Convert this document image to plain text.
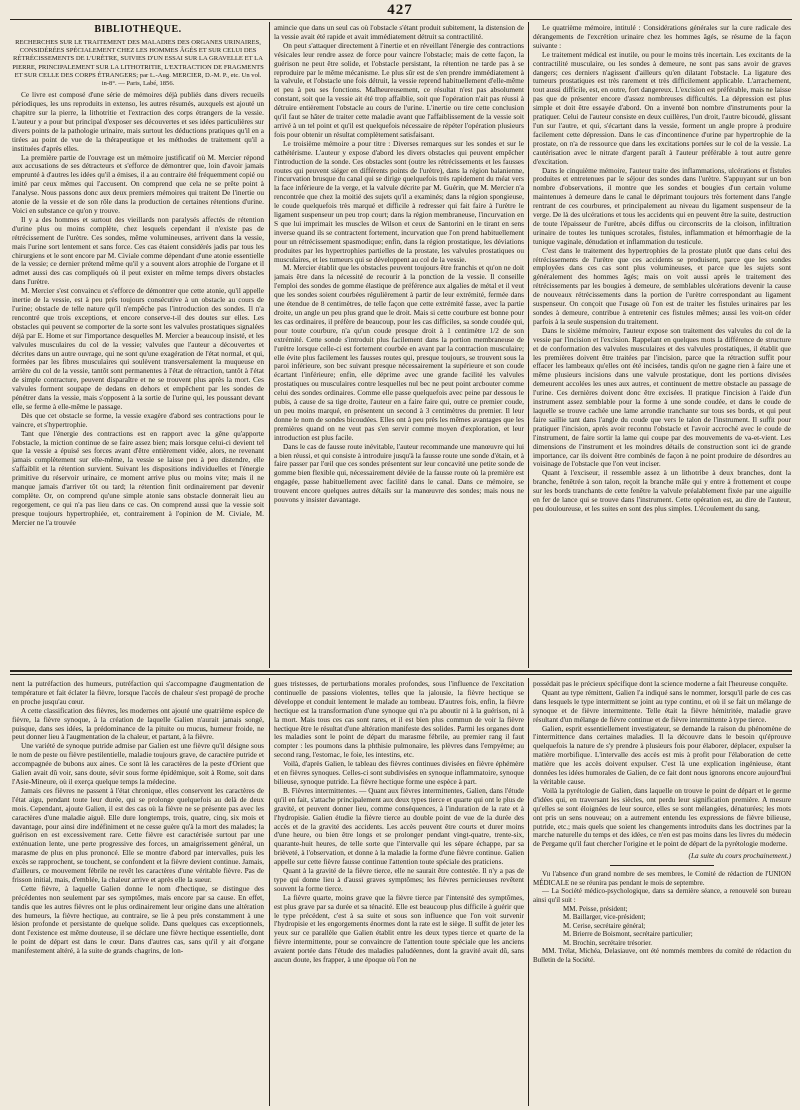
427

BIBLIOTHÈQUE.

RECHERCHES SUR LE TRAITEMENT DES MALADIES DES ORGANES URINAIRES, CONSIDÉRÉES SPÉCIALEMENT CHEZ LES HOMMES ÂGÉS ET SUR CELUI DES RÉTRÉCISSEMENTS DE L'URÈTRE, SUIVIES D'UN ESSAI SUR LA GRAVELLE ET LA PIERRE, PRINCIPALEMENT SUR LA LITHOTRITIE, L'EXTRACTION DE FRAGMENTS ET SUR CELLE DES CORPS ÉTRANGERS; par L.-Aug. MERCIER, D.-M. P., etc. Un vol. in-8°. — Paris, Labé, 1856.

Ce livre est composé d'une série de mémoires déjà publiés dans divers recueils périodiques, les uns reproduits in extenso, les autres résumés, auxquels est ajouté un chapitre sur la pierre, la lithotritie et l'extraction des corps étrangers de la vessie. L'auteur y a pour but principal d'exposer ses découvertes et ses idées particulières sur divers points de la pathologie urinaire, mais surtout les déductions pratiques qu'il en a tirées au point de vue de la thérapeutique et les méthodes de traitement qu'il a instituées d'après elles.

La première partie de l'ouvrage est un mémoire justificatif où M. Mercier répond aux accusations de ses détracteurs et s'efforce de démontrer que, loin d'avoir jamais emprunté à d'autres les idées qu'il a émises, il a au contraire été fréquemment copié ou imité par ceux mêmes qui l'accusent. On comprend que cela ne se prête point à l'analyse. Nous passons donc aux deux premiers mémoires qui traitent De l'inertie ou atonie de la vessie et de son rôle dans la production de certaines rétentions d'urine. Voici en substance ce qu'on y trouve.

Il y a des hommes et surtout des vieillards non paralysés affectés de rétention d'urine plus ou moins complète, chez lesquels cependant il n'existe pas de rétrécissement de l'urètre. Ces sondes, même volumineuses, arrivent dans la vessie, mais l'urine sort lentement et sans force. Ces cas étaient considérés jadis par tous les chirurgiens et le sont encore par M. Civiale comme dépendant d'une atonie essentielle de la vessie; ce dernier prétend même qu'il y a souvent alors atrophie de l'organe et il admet aussi des cas compliqués où il peut exister en même temps divers obstacles dans l'urètre.

M. Mercier s'est convaincu et s'efforce de démontrer que cette atonie, qu'il appelle inertie de la vessie, est à peu près toujours consécutive à un obstacle au cours de l'urine; obstacle de telle nature qu'il n'empêche pas l'introduction des sondes. Il n'a rencontré que trois exceptions, et encore conserve-t-il des doutes sur elles. Les obstacles qui peuvent se comporter de la sorte sont les valvules prostatiques signalées déjà par E. Home et sur l'importance desquelles M. Mercier a beaucoup insisté, et les valvules musculaires du col de la vessie; valvules que l'auteur a découvertes et décrites dans un autre ouvrage, qui ne sont qu'une exagération de l'état normal, et qui, formées par les fibres musculaires qui soulèvent transversalement la muqueuse en arrière du col de la vessie, tantôt sont permanentes à l'état de rétraction, tantôt à l'état de simple contracture, peuvent disparaître et ne se trouvent plus après la mort. Ces valvules forment soupape de dedans en dehors et empêchent par les sondes de pénétrer dans la vessie, mais s'opposent à la sortie de l'urine qui, les poussant devant elle, se ferme à elle-même le passage.

Dès que cet obstacle se forme, la vessie exagère d'abord ses contractions pour le vaincre, et s'hypertrophie.

Tant que l'énergie des contractions est en rapport avec la gêne qu'apporte l'obstacle, la miction continue de se faire assez bien; mais lorsque celui-ci devient tel que la vessie a épuisé ses forces avant d'être entièrement vidée, alors, ne revenant jamais complètement sur elle-même, la vessie se laisse peu à peu distendre, elle s'affaiblit et la rétention survient. Suivant les dispositions individuelles et l'énergie primitive du réservoir urinaire, ce moment arrive plus ou moins vite; mais il ne manque jamais d'arriver tôt ou tard; la rétention finit ordinairement par devenir complète. Or, on comprend qu'une simple atonie sans obstacle donnerait lieu au regorgement, ce qui n'a pas lieu dans ce cas. On comprend aussi que la vessie soit presque toujours hypertrophiée, et, contrairement à l'opinion de M. Civiale, M. Mercier ne l'a trouvée

amincie que dans un seul cas où l'obstacle s'étant produit subitement, la distension de la vessie avait été rapide et avait immédiatement détruit sa contractilité.

On peut s'attaquer directement à l'inertie et en réveillant l'énergie des contractions vésicales leur rendre assez de force pour vaincre l'obstacle; mais de cette façon, la guérison ne peut être solide, et l'obstacle persistant, la rétention ne tarde pas à se reproduire par le même mécanisme. Le plus sûr est de s'en prendre immédiatement à la valvule, et l'obstacle une fois détruit, la vessie reprend habituellement d'elle-même et peu à peu ses fonctions. Malheureusement, ce résultat n'est pas absolument constant, soit que la vessie ait été trop affaiblie, soit que l'opération n'ait pas réussi à détruire entièrement l'obstacle au cours de l'urine. L'inertie ou tire cette conclusion qu'il faut se hâter de traiter cette maladie avant que l'affaiblissement de la vessie soit arrivé à un tel point et qu'il est quelquefois nécessaire de répéter l'opération plusieurs fois pour obtenir un résultat complètement satisfaisant.

Le troisième mémoire a pour titre : Diverses remarques sur les sondes et sur le cathétérisme. L'auteur y expose d'abord les divers obstacles qui peuvent empêcher l'introduction de la sonde. Ces obstacles sont (outre les rétrécissements et les fausses routes qui peuvent siéger en différents points de l'urètre), dans la région balanienne, l'incurvation brusque du canal qui se dirige quelquefois très rapidement du méat vers la face inférieure de la verge, et la valvule décrite par M. Guérin, que M. Mercier n'a rencontrée que chez la moitié des sujets qu'il a examinés; dans la région spongieuse, le coude quelquefois très marqué et difficile à redresser qui fait faire à l'urètre le ligament suspenseur un peu trop court; dans la région membraneuse, l'incurvation en S que lui imprimait les muscles de Wilson et ceux de Santorini en le tirant en sens inverse quand ils se contractent fortement, incurvation que l'on prend habituellement pour un rétrécissement spasmodique; enfin, dans la région prostatique, les déviations produites par les hypertrophies partielles de la prostate, les valvules prostatiques ou musculaires, et les tumeurs qui se développent au col de la vessie.

M. Mercier établit que les obstacles peuvent toujours être franchis et qu'on ne doit jamais être dans la nécessité de recourir à la ponction de la vessie. Il conseille l'emploi des sondes de gomme élastique de préférence aux algalies de métal et il veut que les sondes soient courbées régulièrement à partir de leur extrémité, fermée dans une étendue de 8 centimètres, de telle façon que cette extrémité fasse, avec la partie droite, un angle un peu plus grand que le droit. Mais si cette courbure est bonne pour les cas ordinaires, il préfère de beaucoup, pour les cas difficiles, sa sonde coudée qui, pour toute courbure, n'a qu'un coude presque droit à 1 centimètre 1/2 de son extrémité. Cette sonde s'introduit plus facilement dans la portion membraneuse de l'urètre lorsque celle-ci est fortement courbée en avant par la contraction musculaire; elle évite plus facilement les fausses routes qui, presque toujours, se trouvent sous la paroi inférieure, son bec suivant presque nécessairement la supérieure et son coude écartant l'inférieure; enfin, elle déprime avec une grande facilité les valvules prostatiques ou musculaires contre lesquelles nul bec ne peut point arcbouter comme celui des sondes ordinaires. Comme elle passe quelquefois avec peine par dessous le pubis, à cause de sa tige droite, l'auteur en a faire faire qui, outre ce premier coude, un peu moins marqué, en présentent un second à 3 centimètres du premier. Il leur donne le nom de sondes bicoudées. Elles ont à peu près les mêmes avantages que les premières quand on ne veut pas s'en servir comme moyen d'exploration, et leur introduction est plus facile.

Dans le cas de fausse route inévitable, l'auteur recommande une manœuvre qui lui a bien réussi, et qui consiste à introduire jusqu'à la fausse route une sonde d'étain, et à faire passer par l'œil que ces sondes présentent sur leur concavité une petite sonde de gomme bien flexible qui, nécessairement déviée de la fausse route où la première est engagée, passe habituellement avec facilité dans le canal. Dans ce mémoire, se trouvent encore quelques autres détails sur la manœuvre des sondes; mais nous ne pouvons y insister davantage.

Le quatrième mémoire, intitulé : Considérations générales sur la cure radicale des dérangements de l'excrétion urinaire chez les hommes âgés, se résume de la façon suivante :

Le traitement médical est inutile, ou pour le moins très incertain. Les excitants de la contractilité musculaire, ou les sondes à demeure, ne sont pas sans avoir de graves dangers; ces derniers n'agissent d'ailleurs qu'en dilatant l'obstacle. La ligature des tumeurs prostatiques est très rarement et très difficilement applicable. L'arrachement, tout aussi difficile, est, en outre, fort dangereux. L'excision est préférable, mais ne laisse pas que de présenter encore d'assez nombreuses difficultés. La dépression est plus simple et doit être essayée d'abord. On a inventé bon nombre d'instruments pour la pratiquer. Celui de l'auteur consiste en deux cuillères, l'un droit, l'autre bicoudé, glissant l'un sur l'autre, et qui, s'écartant dans la vessie, forment un angle propre à produire facilement cette dépression. Dans le cas d'incontinence d'urine par hypertrophie de la prostate, on n'a de ressource que dans les excitations portées sur le col de la vessie. La cautérisation avec le nitrate d'argent paraît à l'auteur préférable à tout autre genre d'excitation.

Dans le cinquième mémoire, l'auteur traite des inflammations, ulcérations et fistules produites et entretenues par le séjour des sondes dans l'urètre. S'appuyant sur un bon nombre d'observations, il montre que les sondes et bougies d'un certain volume maintenues à demeure dans le canal le déprimant toujours très fortement dans l'angle rentrant de ces courbures, et principalement au niveau du ligament suspenseur de la verge. De là des ulcérations et tous les accidents qui en peuvent être la suite, destruction de toute l'épaisseur de l'urètre, abcès diffus ou circonscrits de la cloison, infiltration urinaire de toutes les tuniques scrotales, fistules, inflammation et hémorrhagie de la tunique vaginale, dénudation et inflammation du testicule.

C'est dans le traitement des hypertrophies de la prostate plutôt que dans celui des rétrécissements de l'urètre que ces accidents se produisent, parce que les sondes employées dans ces cas sont plus volumineuses, et parce que les sujets sont généralement des hommes âgés; mais on voit aussi après le traitement des rétrécissements par les bougies à demeure, de semblables ulcérations devenir la cause de nouveaux rétrécissements dans la portion de l'urètre correspondant au ligament suspenseur. On conçoit que l'usage où l'on est de traiter les fistules urinaires par les sondes à demeure, contribue à entretenir ces fistules mêmes; aussi les voit-on céder parfois à la seule suspension du traitement.

Dans le sixième mémoire, l'auteur expose son traitement des valvules du col de la vessie par l'incision et l'excision. Rappelant en quelques mots la différence de structure et de conformation des valvules musculaires et des valvules prostatiques, il établit que les premières doivent être traitées par l'incision, parce que la rétraction suffit pour effacer les lambeaux qu'elles ont été incisées, tandis qu'on ne gagne rien à faire une et même plusieurs incisions dans une valvule prostatique, dont les portions divisées demeurent accolées les unes aux autres, et continuent de mettre obstacle au passage de l'urine. Ces dernières doivent donc être excisées. Il pratique l'incision à l'aide d'un instrument assez semblable pour la forme à une sonde coudée, et dans le coude de laquelle se trouve cachée une lame arrondie tranchante sur tous ses bords, et qui peut faire saillie tant dans l'angle du coude que vers le talon de l'instrument. Il suffit pour pratiquer l'incision, après avoir reconnu l'obstacle et l'avoir accroché avec le coude de l'instrument, de faire sortir la lame qui coupe par des mouvements de va-et-vient. Les dimensions de l'instrument et les moindres détails de construction sont ici de grande importance, car ils doivent être combinés de façon à ne point produire de désordres au voisinage de l'obstacle que l'on veut inciser.

Quant à l'exciseur, il ressemble assez à un lithotribe à deux branches, dont la branche, fenêtrée à son talon, reçoit la branche mâle qui y entre à frottement et coupe sur les bords tranchants de cette fenêtre la valvule préalablement fixée par une aiguille en fer de lance qui se trouve dans l'instrument. Cette opération est, au dire de l'auteur, peu douloureuse, et les suites en sont des plus simples. L'écoulement du sang,

nent la putréfaction des humeurs, putréfaction qui s'accompagne d'augmentation de température et fait éclater la fièvre, lorsque l'accès de chaleur s'est propagé de proche en proche jusqu'au cœur.

A cette classification des fièvres, les modernes ont ajouté une quatrième espèce de fièvre, la fièvre synoque, à la création de laquelle Galien n'aurait jamais songé, puisque, dans ses idées, la prédominance de la pituite ou mucus, humeur froide, ne peut donner lieu à l'augmentation de la chaleur, et partant, à la fièvre.

Une variété de synoque putride admise par Galien est une fièvre qu'il désigne sous le nom de peste ou fièvre pestilentielle, maladie toujours grave, de caractère putride et accompagnée de bubons aux aines. Ce sont là les caractères de la peste d'Orient que Galien avait dû voir, sans doute, sévir sous forme épidémique, soit à Rome, soit dans l'Asie-Mineure, où il exerça quelque temps la médecine.

Jamais ces fièvres ne passent à l'état chronique, elles conservent les caractères de l'état aigu, pendant toute leur durée, qui se prolonge quelquefois au delà de deux mois. Cependant, ajoute Galien, il est des cas où la fièvre ne se présente pas avec les caractères d'une maladie aiguë. Elle dure longtemps, trois, quatre, cinq, six mois et davantage, pour ainsi dire indéfiniment et ne cesse guère qu'à la mort des malades; la guérison en est excessivement rare. Cette fièvre est caractérisée surtout par une exténuation lente, une perte progressive des forces, un amaigrissement général, un marasme de plus en plus prononcé. Elle se montre d'abord par intervalles, puis les excès se rapprochent, se touchent, se confondent et la fièvre devient continue. Jamais, d'ailleurs, ce mouvement fébrile ne revêt les caractères d'une véritable fièvre. Pas de frisson initial, mais, d'emblée, la chaleur arrive et après elle la sueur.

Cette fièvre, à laquelle Galien donne le nom d'hectique, se distingue des précédentes non seulement par ses symptômes, mais encore par sa cause. En effet, tandis que les autres fièvres ont le plus ordinairement leur origine dans une altération des humeurs, la fièvre hectique, au contraire, se lie à peu près constamment à une lésion profonde et persistante de quelque solide. Dans quelques cas exceptionnels, dont l'existence est même douteuse, il se déclare une fièvre hectique essentielle, dont le point de départ est dans le cœur. Dans d'autres cas, sans qu'il y ait d'organe manifestement altéré, à la suite de grands chagrins, de lon-

gues tristesses, de perturbations morales profondes, sous l'influence de l'excitation continuelle de passions violentes, telles que la jalousie, la fièvre hectique se développe et conduit lentement le malade au tombeau. D'autres fois, enfin, la fièvre hectique est la transformation d'une synoque qui n'a pu aboutir ni à la guérison, ni à la mort. Mais tous ces cas sont rares, et il est bien plus commun de voir la fièvre hectique être le résultat d'une altération manifeste des solides. Parmi les organes dont les maladies sont le point de départ du marasme fébrile, au premier rang il faut compter : les poumons dans la phthisie pulmonaire, les plèvres dans l'empyème; au second rang, l'estomac, le foie, les intestins, etc.

Voilà, d'après Galien, le tableau des fièvres continues divisées en fièvre éphémère et en fièvres synoques. Celles-ci sont subdivisées en synoque inflammatoire, synoque bilieuse, synoque putride. La fièvre hectique forme une espèce à part.

B. Fièvres intermittentes. — Quant aux fièvres intermittentes, Galien, dans l'étude qu'il en fait, s'attache principalement aux deux types tierce et quarte qui ont le plus de gravité, et peuvent donner lieu, comme conséquences, à l'induration de la rate et à l'hydropisie. Galien étudie la fièvre tierce au double point de vue de la durée des accès et de la gravité des accidents. Les accès peuvent être courts et durer moins d'une heure, ou bien être longs et se prolonger pendant vingt-quatre, trente-six, quarante-huit heures, de telle sorte que l'intervalle qui les sépare échappe, par sa brièveté, à l'observation, et donne à la maladie la forme d'une fièvre continue. Galien appelle sur cette fièvre fausse continue l'attention toute spéciale des praticiens.

Quant à la gravité de la fièvre tierce, elle ne saurait être contestée. Il n'y a pas de type qui donne lieu à d'aussi graves symptômes; les fièvres pernicieuses revêtent souvent la forme tierce.

La fièvre quarte, moins grave que la fièvre tierce par l'intensité des symptômes, est plus grave par sa durée et sa ténacité. Elle est beaucoup plus difficile à guérir que le type précédent, c'est à sa suite et sous son influence que l'on voit survenir l'hydropisie et les engorgements énormes dont la rate est le siège. Il suffit de jeter les yeux sur ce parallèle que Galien établit entre les deux types tierce et quarte de la fièvre intermittente, pour se convaincre de l'attention toute spéciale que les anciens avaient portée dans l'étude des maladies paludéennes, dont la gravité avait dû, sans aucun doute, les frapper, à une époque où l'on ne

possédait pas le précieux spécifique dont la science moderne a fait l'heureuse conquête.

Quant au type rémittent, Galien l'a indiqué sans le nommer, lorsqu'il parle de ces cas dans lesquels le type intermittent se joint au type continu, et où il se fait un mélange de synoque et de fièvre intermittente. Telle était la fièvre hémitritée, maladie grave résultant d'un mélange de fièvre continue et de fièvre intermittente à type tierce.

Galien, esprit essentiellement investigateur, se demande la raison du phénomène de l'intermittence dans certaines maladies. Il la découvre dans le besoin qu'éprouve quelquefois la nature de s'y prendre à plusieurs fois pour élaborer, déplacer, expulser la matière morbifique. L'intervalle des accès est mis à profit pour l'élaboration de cette matière que les accès doivent expulser. C'est là une explication ingénieuse, étant données les idées humorales de Galien, de ce fait dont nous ignorons encore aujourd'hui la véritable cause.

Voilà la pyrétologie de Galien, dans laquelle on trouve le point de départ et le germe d'idées qui, en traversant les siècles, ont perdu leur signification première. A mesure qu'elles se sont éloignées de leur source, elles se sont mélangées, dénaturées; les mots ont pris un sens nouveau; on a autrement entendu les expressions de fièvre bilieuse, putride, etc.; mais quels que soient les changements introduits dans les doctrines par la marche naturelle du temps et des idées, ce n'en est pas moins dans les livres du médecin de Pergame qu'il faut chercher l'origine et le point de départ de la pyrétologie moderne.

(La suite du cours prochainement.)

Vu l'absence d'un grand nombre de ses membres, le Comité de rédaction de l'UNION MÉDICALE ne se réunira pas pendant le mois de septembre.

— La Société médico-psychologique, dans sa dernière séance, a renouvelé son bureau ainsi qu'il suit :

MM. Peisse, président;

M. Baillarger, vice-président;

M. Cerise, secrétaire général;

M. Brierre de Boismont, secrétaire particulier;

M. Brochin, secrétaire trésorier.

MM. Trélat, Michéa, Delasiauve, ont été nommés membres du comité de rédaction du Bulletin de la Société.
